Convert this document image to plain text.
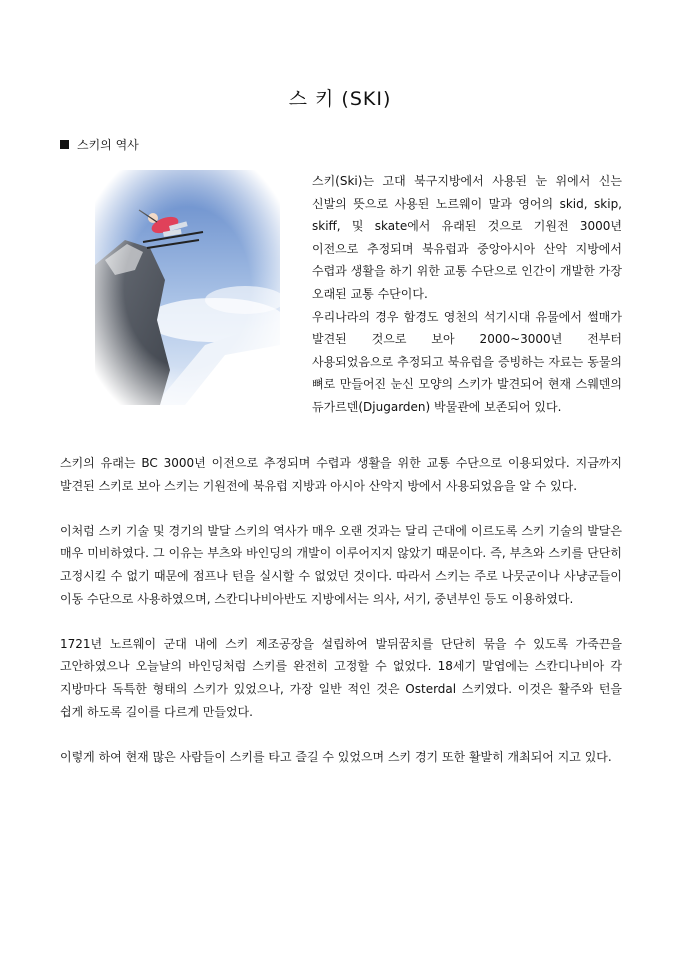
스 키 (SKI)
스키의 역사

스키(Ski)는 고대 북구지방에서 사용된 눈 위에서 신는 신발의 뜻으로 사용된 노르웨이 말과 영어의 skid, skip, skiff, 및 skate에서 유래된 것으로 기원전 3000년 이전으로 추정되며 북유럽과 중앙아시아 산악 지방에서 수렵과 생활을 하기 위한 교통 수단으로 인간이 개발한 가장 오래된 교통 수단이다.

우리나라의 경우 함경도 영천의 석기시대 유물에서 썰매가 발견된 것으로 보아 2000~3000년 전부터 사용되었음으로 추정되고 북유럽을 증빙하는 자료는 동물의 뼈로 만들어진 눈신 모양의 스키가 발견되어 현재 스웨덴의 듀가르덴(Djugarden) 박물관에 보존되어 있다.

스키의 유래는 BC 3000년 이전으로 추정되며 수렵과 생활을 위한 교통 수단으로 이용되었다. 지금까지 발견된 스키로 보아 스키는 기원전에 북유럽 지방과 아시아 산악지 방에서 사용되었음을 알 수 있다.

이처럼 스키 기술 및 경기의 발달 스키의 역사가 매우 오랜 것과는 달리 근대에 이르도록 스키 기술의 발달은 매우 미비하였다. 그 이유는 부츠와 바인딩의 개발이 이루어지지 않았기 때문이다. 즉, 부츠와 스키를 단단히 고정시킬 수 없기 때문에 점프나 턴을 실시할 수 없었던 것이다. 따라서 스키는 주로 나뭇군이나 사냥군들이 이동 수단으로 사용하였으며, 스칸디나비아반도 지방에서는 의사, 서기, 중년부인 등도 이용하였다.

1721년 노르웨이 군대 내에 스키 제조공장을 설립하여 발뒤꿈치를 단단히 묶을 수 있도록 가죽끈을 고안하였으나 오늘날의 바인딩처럼 스키를 완전히 고정할 수 없었다. 18세기 말엽에는 스칸디나비아 각 지방마다 독특한 형태의 스키가 있었으나, 가장 일반 적인 것은 Osterdal 스키였다. 이것은 활주와 턴을 쉽게 하도록 길이를 다르게 만들었다.

이렇게 하여 현재 많은 사람들이 스키를 타고 즐길 수 있었으며 스키 경기 또한 활발히 개최되어 지고 있다.
